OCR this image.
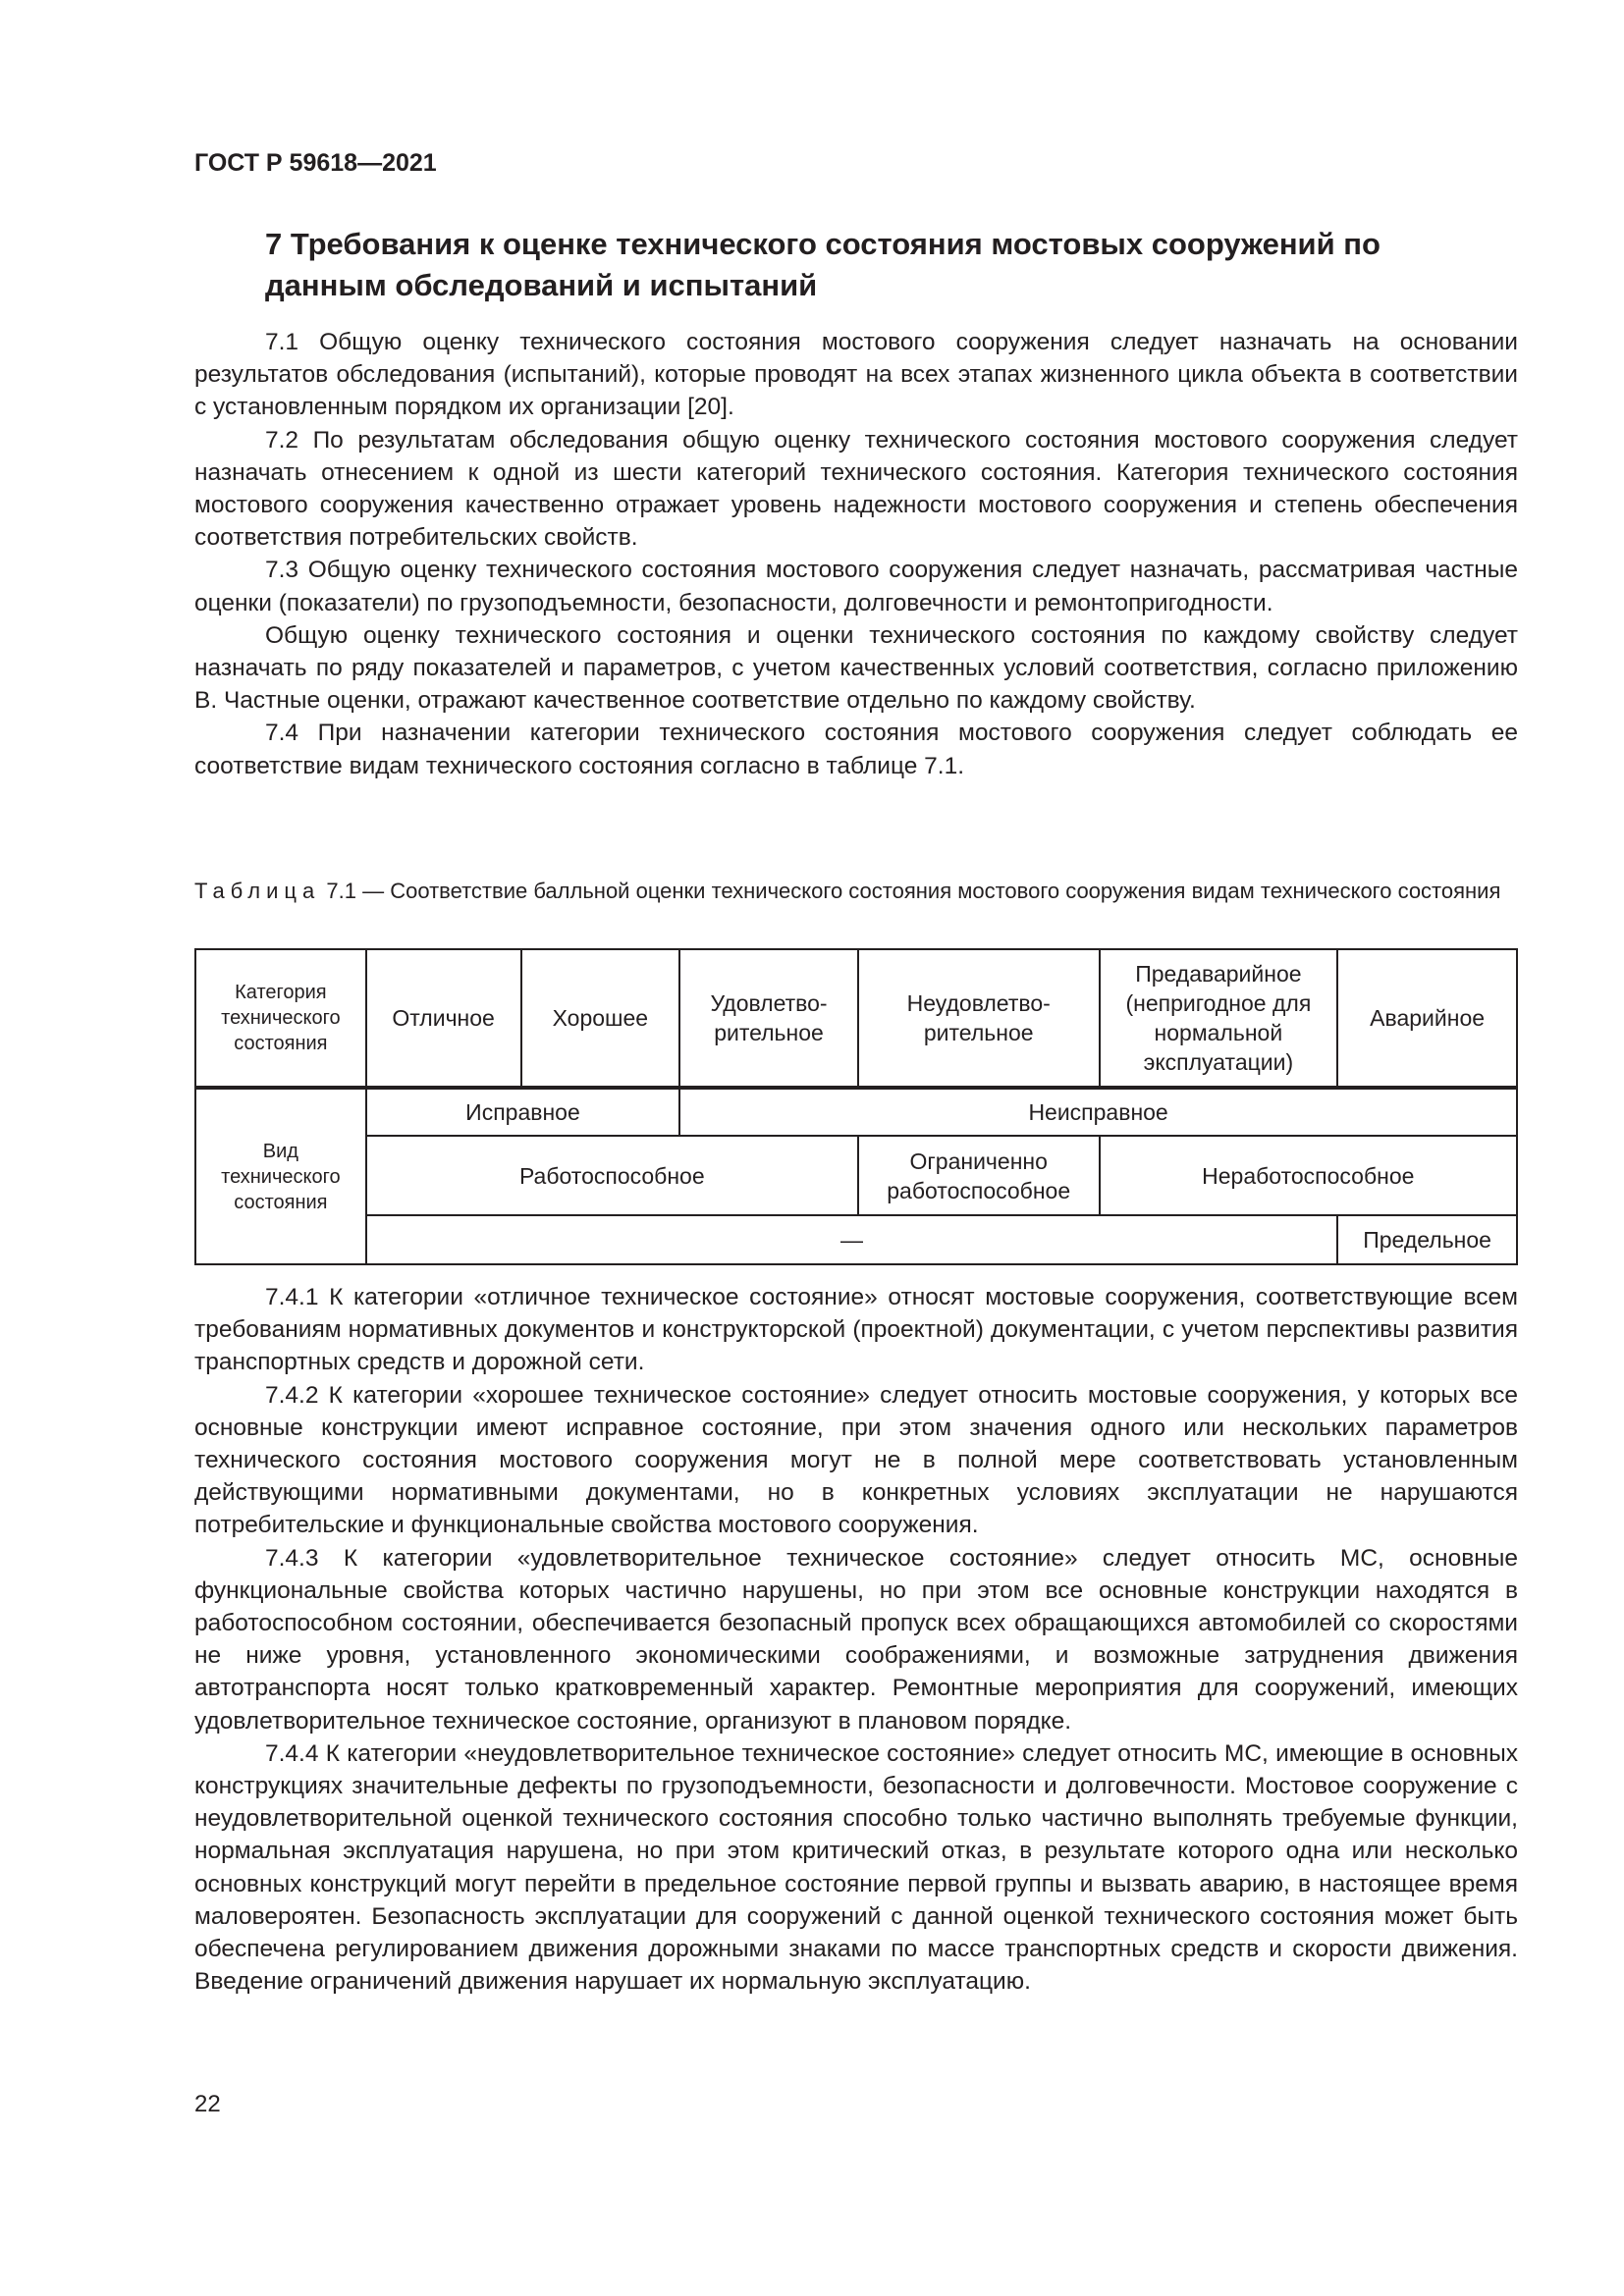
ГОСТ Р 59618—2021
7 Требования к оценке технического состояния мостовых сооружений по данным обследований и испытаний

7.1 Общую оценку технического состояния мостового сооружения следует назначать на основании результатов обследования (испытаний), которые проводят на всех этапах жизненного цикла объекта в соответствии с установленным порядком их организации [20].

7.2 По результатам обследования общую оценку технического состояния мостового сооружения следует назначать отнесением к одной из шести категорий технического состояния. Категория технического состояния мостового сооружения качественно отражает уровень надежности мостового сооружения и степень обеспечения соответствия потребительских свойств.

7.3 Общую оценку технического состояния мостового сооружения следует назначать, рассматривая частные оценки (показатели) по грузоподъемности, безопасности, долговечности и ремонтопригодности.

Общую оценку технического состояния и оценки технического состояния по каждому свойству следует назначать по ряду показателей и параметров, с учетом качественных условий соответствия, согласно приложению В. Частные оценки, отражают качественное соответствие отдельно по каждому свойству.

7.4 При назначении категории технического состояния мостового сооружения следует соблюдать ее соответствие видам технического состояния согласно в таблице 7.1.

Таблица 7.1 — Соответствие балльной оценки технического состояния мостового сооружения видам технического состояния
Категория технического состояния	Отличное	Хорошее	Удовлетво-рительное	Неудовлетво-рительное	Предаварийное (непригодное для нормальной эксплуатации)	Аварийное
Вид технического состояния	Исправное		Неисправное			
	Работоспособное			Ограниченно работоспособное	Неработоспособное	
	—					Предельное

7.4.1 К категории «отличное техническое состояние» относят мостовые сооружения, соответствующие всем требованиям нормативных документов и конструкторской (проектной) документации, с учетом перспективы развития транспортных средств и дорожной сети.

7.4.2 К категории «хорошее техническое состояние» следует относить мостовые сооружения, у которых все основные конструкции имеют исправное состояние, при этом значения одного или нескольких параметров технического состояния мостового сооружения могут не в полной мере соответствовать установленным действующими нормативными документами, но в конкретных условиях эксплуатации не нарушаются потребительские и функциональные свойства мостового сооружения.

7.4.3 К категории «удовлетворительное техническое состояние» следует относить МС, основные функциональные свойства которых частично нарушены, но при этом все основные конструкции находятся в работоспособном состоянии, обеспечивается безопасный пропуск всех обращающихся автомобилей со скоростями не ниже уровня, установленного экономическими соображениями, и возможные затруднения движения автотранспорта носят только кратковременный характер. Ремонтные мероприятия для сооружений, имеющих удовлетворительное техническое состояние, организуют в плановом порядке.

7.4.4 К категории «неудовлетворительное техническое состояние» следует относить МС, имеющие в основных конструкциях значительные дефекты по грузоподъемности, безопасности и долговечности. Мостовое сооружение с неудовлетворительной оценкой технического состояния способно только частично выполнять требуемые функции, нормальная эксплуатация нарушена, но при этом критический отказ, в результате которого одна или несколько основных конструкций могут перейти в предельное состояние первой группы и вызвать аварию, в настоящее время маловероятен. Безопасность эксплуатации для сооружений с данной оценкой технического состояния может быть обеспечена регулированием движения дорожными знаками по массе транспортных средств и скорости движения. Введение ограничений движения нарушает их нормальную эксплуатацию.

22
